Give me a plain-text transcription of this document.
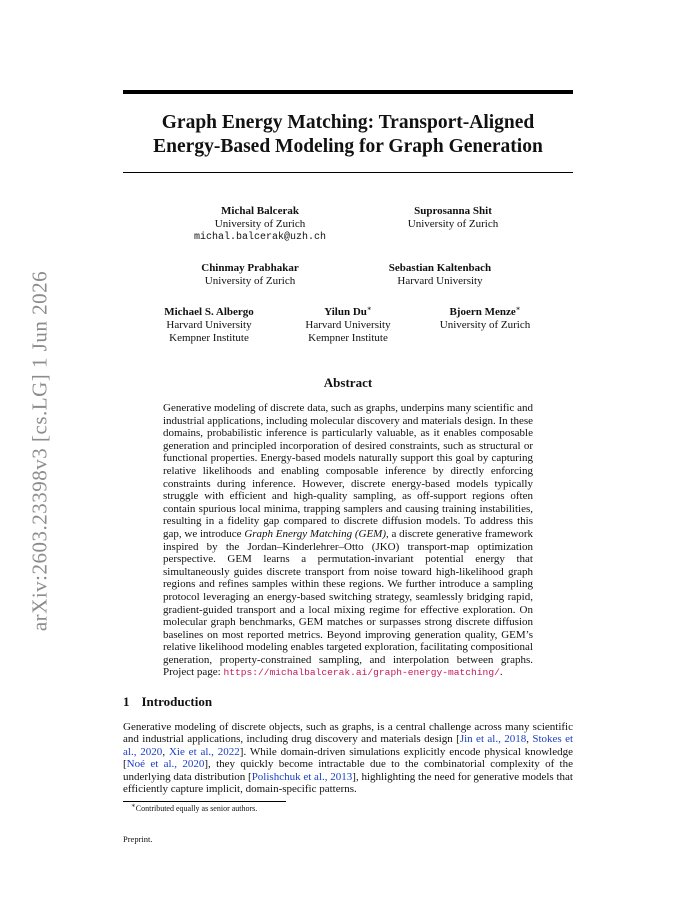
arXiv:2603.23398v3 [cs.LG] 1 Jun 2026
Graph Energy Matching: Transport-Aligned
Energy-Based Modeling for Graph Generation
Michal Balcerak
University of Zurich
michal.balcerak@uzh.ch
Suprosanna Shit
University of Zurich
Chinmay Prabhakar
University of Zurich
Sebastian Kaltenbach
Harvard University
Michael S. Albergo
Harvard University
Kempner Institute
Yilun Du∗
Harvard University
Kempner Institute
Bjoern Menze∗
University of Zurich
Abstract

Generative modeling of discrete data, such as graphs, underpins many scientific and industrial applications, including molecular discovery and materials design. In these domains, probabilistic inference is particularly valuable, as it enables composable generation and principled incorporation of desired constraints, such as structural or functional properties. Energy-based models naturally support this goal by capturing relative likelihoods and enabling composable inference by directly enforcing constraints during inference. However, discrete energy-based models typically struggle with efficient and high-quality sampling, as off-support regions often contain spurious local minima, trapping samplers and causing training instabilities, resulting in a fidelity gap compared to discrete diffusion models. To address this gap, we introduce Graph Energy Matching (GEM), a discrete generative framework inspired by the Jordan–Kinderlehrer–Otto (JKO) transport-map optimization perspective. GEM learns a permutation-invariant potential energy that simultaneously guides discrete transport from noise toward high-likelihood graph regions and refines samples within these regions. We further introduce a sampling protocol leveraging an energy-based switching strategy, seamlessly bridging rapid, gradient-guided transport and a local mixing regime for effective exploration. On molecular graph benchmarks, GEM matches or surpasses strong discrete diffusion baselines on most reported metrics. Beyond improving generation quality, GEM’s relative likelihood modeling enables targeted exploration, facilitating compositional generation, property-constrained sampling, and interpolation between graphs. Project page: https://michalbalcerak.ai/graph-energy-matching/.

1 Introduction

Generative modeling of discrete objects, such as graphs, is a central challenge across many scientific and industrial applications, including drug discovery and materials design [Jin et al., 2018, Stokes et al., 2020, Xie et al., 2022]. While domain-driven simulations explicitly encode physical knowledge [Noé et al., 2020], they quickly become intractable due to the combinatorial complexity of the underlying data distribution [Polishchuk et al., 2013], highlighting the need for generative models that efficiently capture implicit, domain-specific patterns.

∗Contributed equally as senior authors.
Preprint.
